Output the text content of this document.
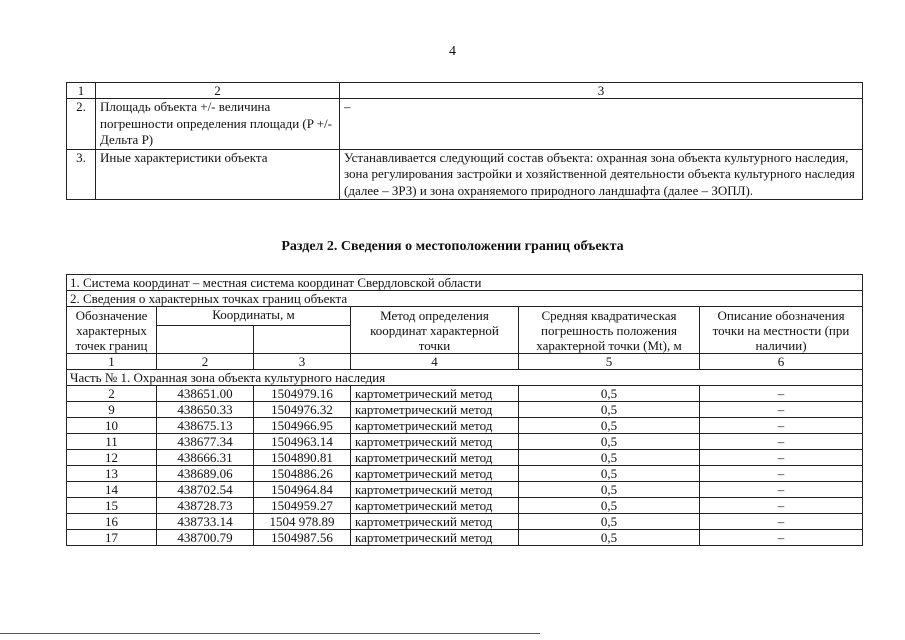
4
1	2	3
2.	Площадь объекта +/- величина погрешности определения площади (P +/- Дельта P)	–
3.	Иные характеристики объекта	Устанавливается следующий состав объекта: охранная зона объекта культурного наследия, зона регулирования застройки и хозяйственной деятельности объекта культурного наследия (далее – ЗРЗ) и зона охраняемого природного ландшафта (далее – ЗОПЛ).
Раздел 2. Сведения о местоположении границ объекта
1. Система координат – местная система координат Свердловской области					
2. Сведения о характерных точках границ объекта					
Обозначение характерных точек границ	Координаты, м		Метод определения координат характерной точки	Средняя квадратическая погрешность положения характерной точки (Mt), м	Описание обозначения точки на местности (при наличии)

1	2	3	4	5	6
Часть № 1. Охранная зона объекта культурного наследия					
2	438651.00	1504979.16	картометрический метод	0,5	–
9	438650.33	1504976.32	картометрический метод	0,5	–
10	438675.13	1504966.95	картометрический метод	0,5	–
11	438677.34	1504963.14	картометрический метод	0,5	–
12	438666.31	1504890.81	картометрический метод	0,5	–
13	438689.06	1504886.26	картометрический метод	0,5	–
14	438702.54	1504964.84	картометрический метод	0,5	–
15	438728.73	1504959.27	картометрический метод	0,5	–
16	438733.14	1504 978.89	картометрический метод	0,5	–
17	438700.79	1504987.56	картометрический метод	0,5	–
